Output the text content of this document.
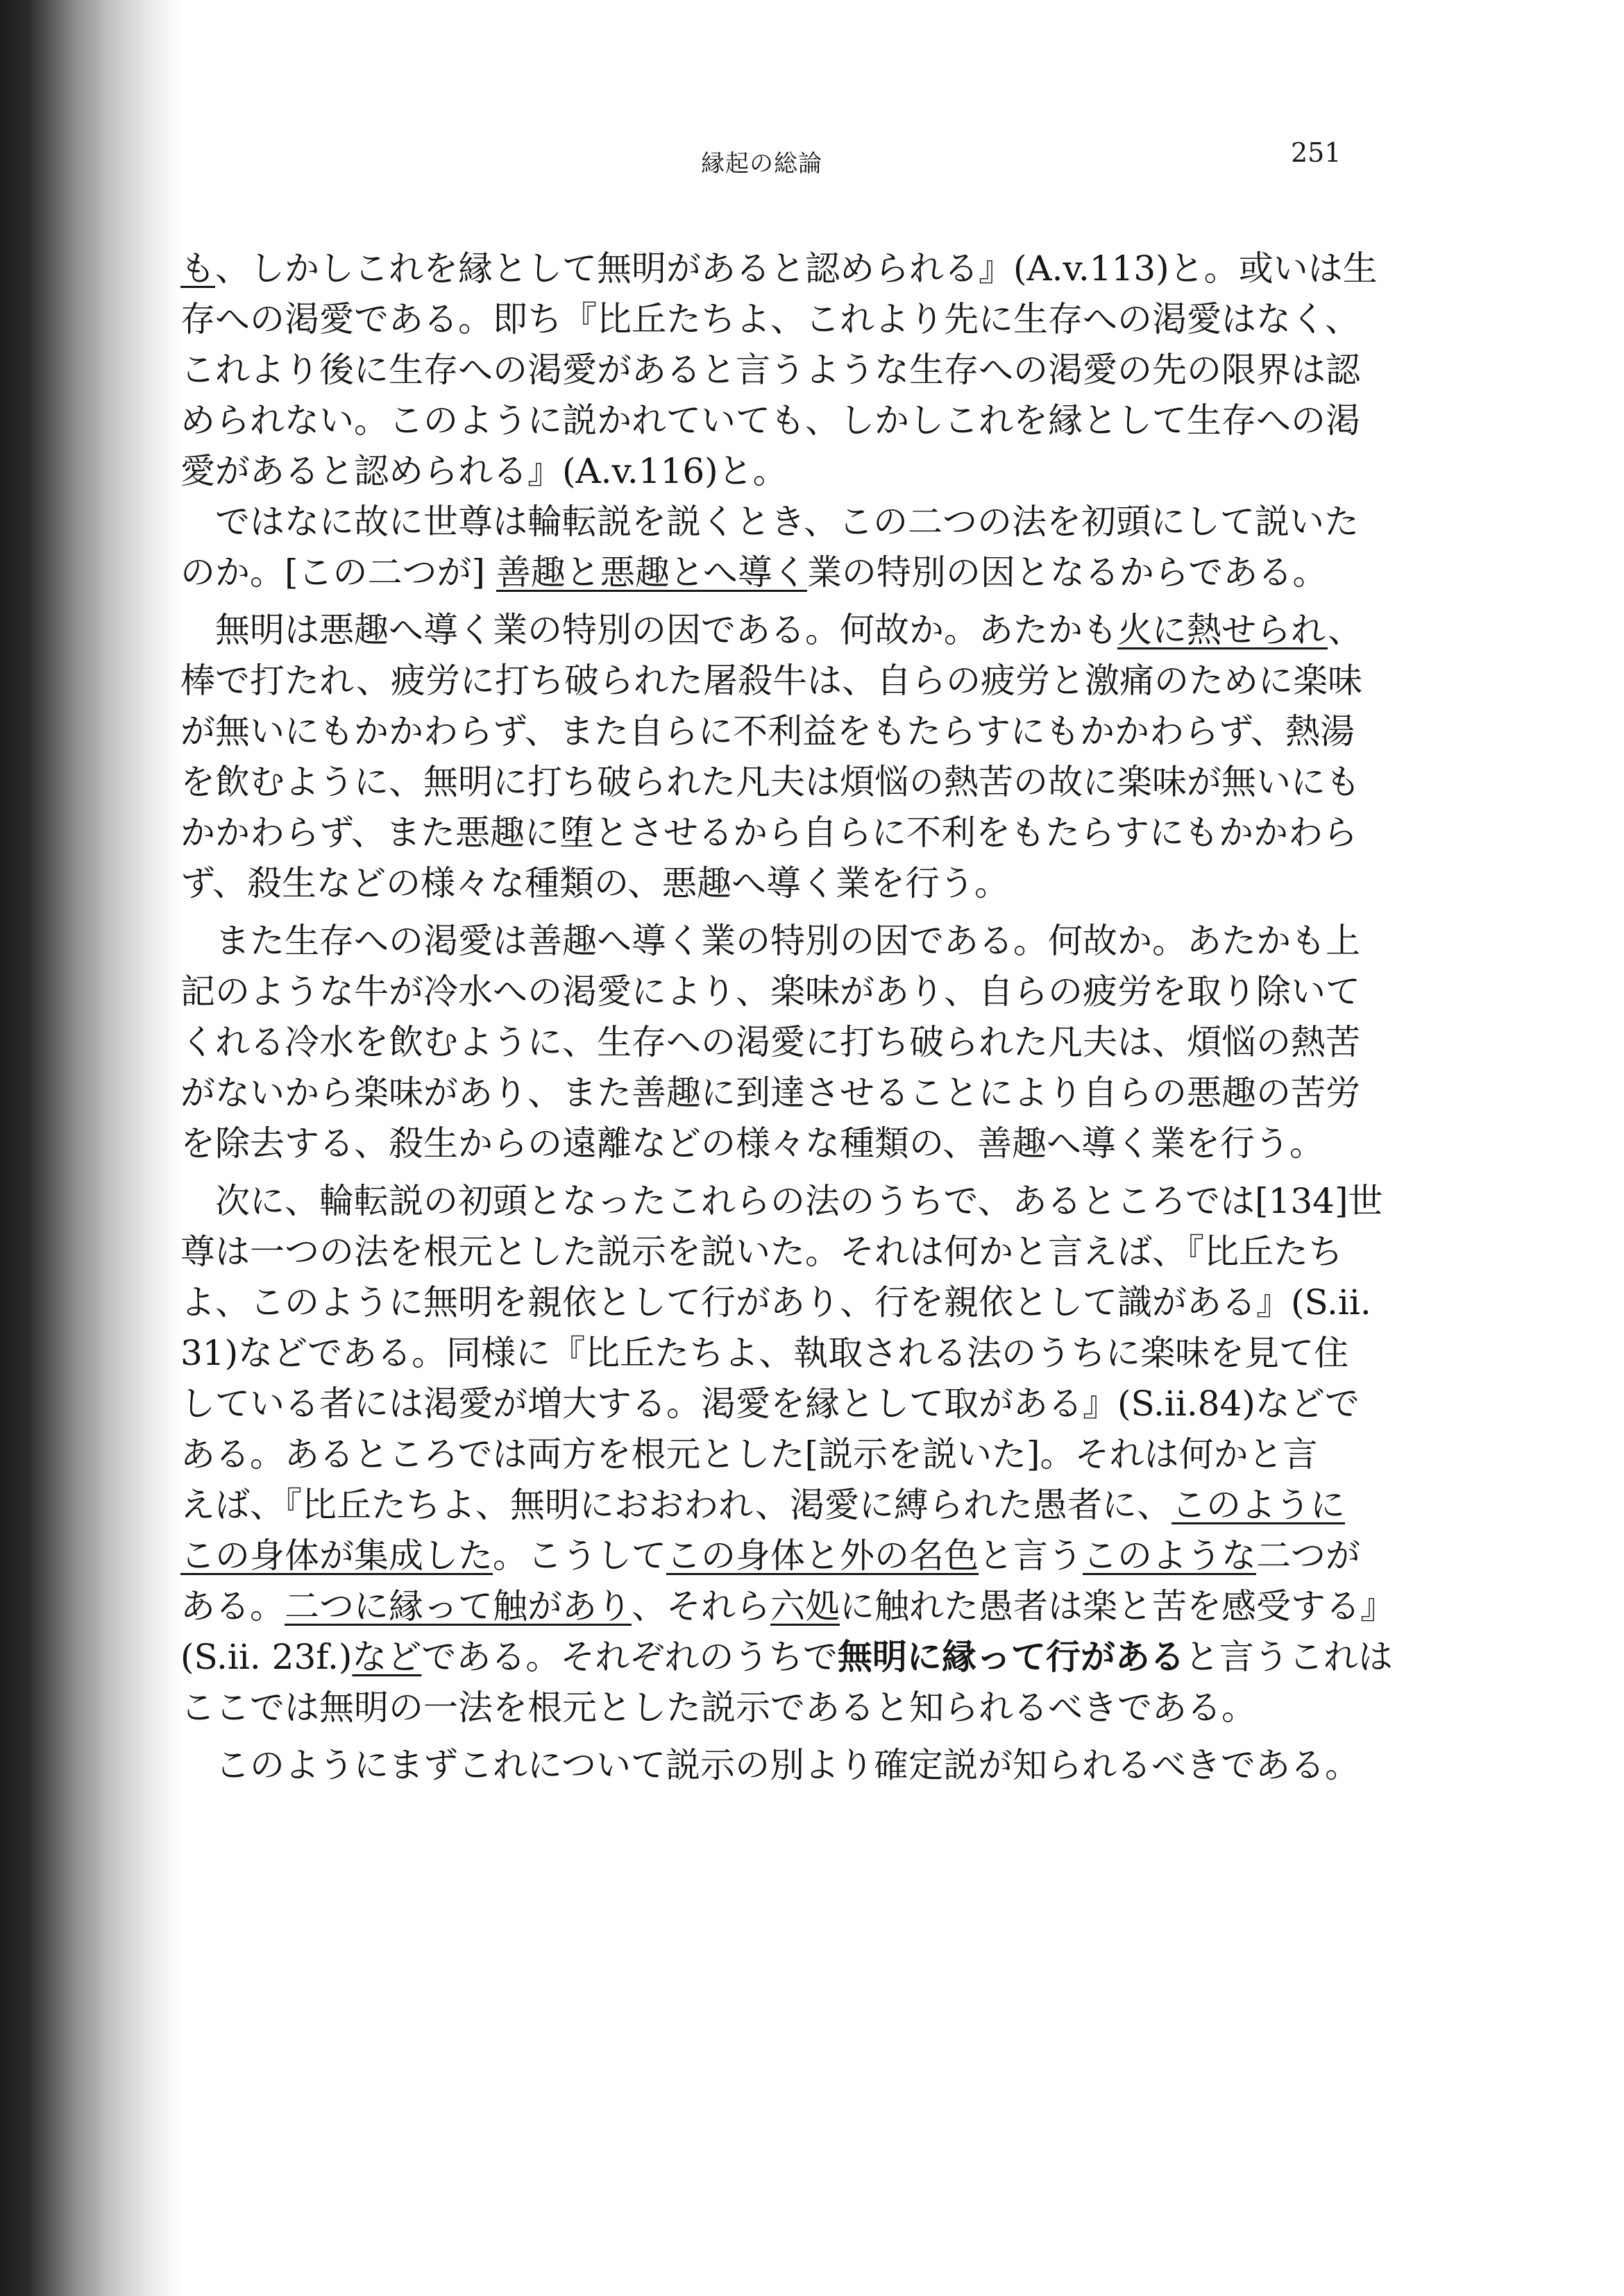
縁起の総論	251
も、しかしこれを縁として無明があると認められる』(A.v.113)と。或いは生
存への渇愛である。即ち『比丘たちよ、これより先に生存への渇愛はなく、
これより後に生存への渇愛があると言うような生存への渇愛の先の限界は認
められない。このように説かれていても、しかしこれを縁として生存への渇
愛があると認められる』(A.v.116)と。
ではなに故に世尊は輪転説を説くとき、この二つの法を初頭にして説いた
のか。[この二つが] 善趣と悪趣とへ導く業の特別の因となるからである。
無明は悪趣へ導く業の特別の因である。何故か。あたかも火に熱せられ、
棒で打たれ、疲労に打ち破られた屠殺牛は、自らの疲労と激痛のために楽味
が無いにもかかわらず、また自らに不利益をもたらすにもかかわらず、熱湯
を飲むように、無明に打ち破られた凡夫は煩悩の熱苦の故に楽味が無いにも
かかわらず、また悪趣に堕とさせるから自らに不利をもたらすにもかかわら
ず、殺生などの様々な種類の、悪趣へ導く業を行う。
また生存への渇愛は善趣へ導く業の特別の因である。何故か。あたかも上
記のような牛が冷水への渇愛により、楽味があり、自らの疲労を取り除いて
くれる冷水を飲むように、生存への渇愛に打ち破られた凡夫は、煩悩の熱苦
がないから楽味があり、また善趣に到達させることにより自らの悪趣の苦労
を除去する、殺生からの遠離などの様々な種類の、善趣へ導く業を行う。
次に、輪転説の初頭となったこれらの法のうちで、あるところでは[134]世
尊は一つの法を根元とした説示を説いた。それは何かと言えば、『比丘たち
よ、このように無明を親依として行があり、行を親依として識がある』(S.ii.
31)などである。同様に『比丘たちよ、執取される法のうちに楽味を見て住
している者には渇愛が増大する。渇愛を縁として取がある』(S.ii.84)などで
ある。あるところでは両方を根元とした[説示を説いた]。それは何かと言
えば、『比丘たちよ、無明におおわれ、渇愛に縛られた愚者に、このように
この身体が集成した。こうしてこの身体と外の名色と言うこのような二つが
ある。二つに縁って触があり、それら六処に触れた愚者は楽と苦を感受する』
(S.ii. 23f.)などである。それぞれのうちで無明に縁って行があると言うこれは
ここでは無明の一法を根元とした説示であると知られるべきである。
このようにまずこれについて説示の別より確定説が知られるべきである。
